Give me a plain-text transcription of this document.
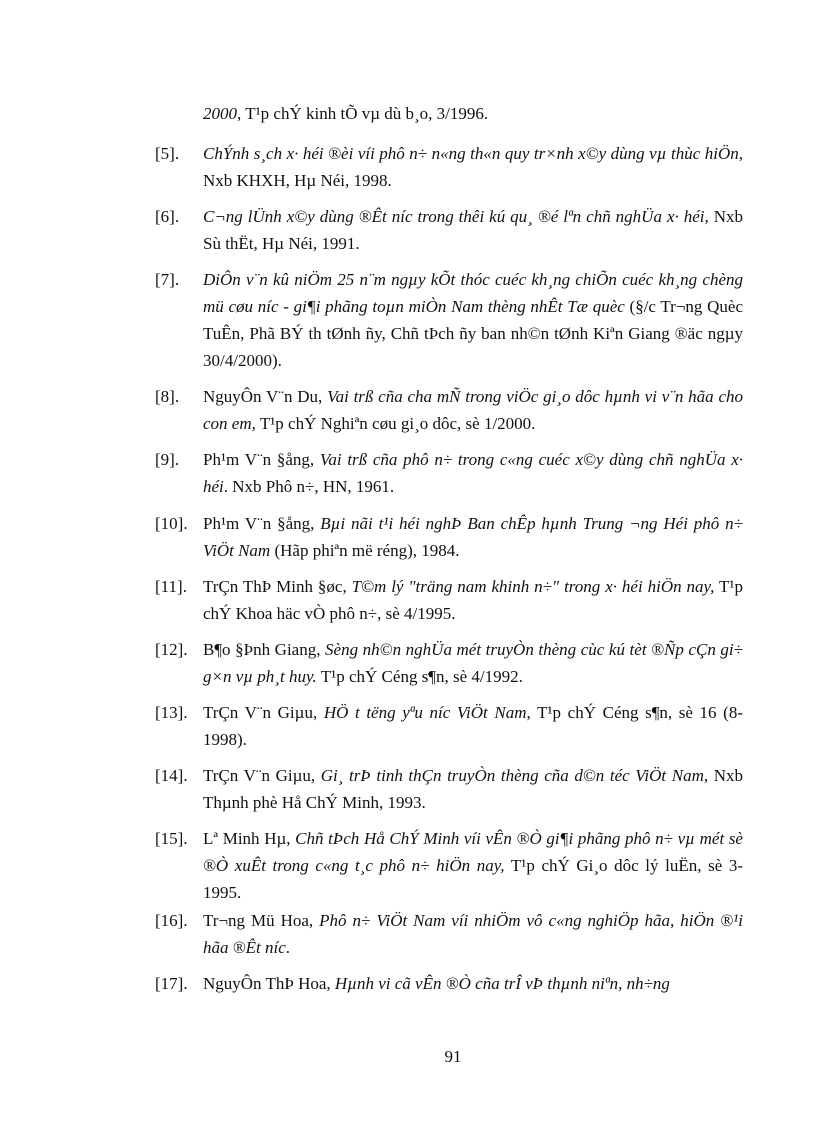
2000, T¹p chÝ kinh tÕ vµ dù b¸o, 3/1996.
[5].	ChÝnh s¸ch x· héi ®èi víi phô n÷ n«ng th«n quy tr×nh x©y dùng vµ thùc hiÖn, Nxb KHXH, Hµ Néi, 1998.
[6].	C¬ng lÜnh x©y dùng ®Êt níc trong thêi kú qu¸ ®é lªn chñ nghÜa x· héi, Nxb Sù thËt, Hµ Néi, 1991.
[7].	DiÔn v¨n kû niÖm 25 n¨m ngµy kÕt thóc cuéc kh¸ng chiÕn cuéc kh¸ng chèng mü cøu níc - gi¶i phãng toµn miÒn Nam thèng nhÊt Tæ quèc (§/c Tr¬ng Quèc TuÊn, Phã BÝ th tØnh ñy, Chñ tÞch ñy ban nh©n tØnh Kiªn Giang ®äc ngµy 30/4/2000).
[8].	NguyÔn V¨n Du, Vai trß cña cha mÑ trong viÖc gi¸o dôc hµnh vi v¨n hãa cho con em, T¹p chÝ Nghiªn cøu gi¸o dôc, sè 1/2000.
[9].	Ph¹m V¨n §ång, Vai trß cña phô n÷ trong c«ng cuéc x©y dùng chñ nghÜa x· héi. Nxb Phô n÷, HN, 1961.
[10]. Ph¹m V¨n §ång, Bµi nãi t¹i héi nghÞ Ban chÊp hµnh Trung ¬ng Héi phô n÷ ViÖt Nam (Hãp phiªn më réng), 1984.
[11]. TrÇn ThÞ Minh §øc, T©m lý "träng nam khinh n÷" trong x· héi hiÖn nay, T¹p chÝ Khoa häc vÒ phô n÷, sè 4/1995.
[12]. B¶o §Þnh Giang, Sèng nh©n nghÜa mét truyÒn thèng cùc kú tèt ®Ñp cÇn gi÷ g×n vµ ph¸t huy. T¹p chÝ Céng s¶n, sè 4/1992.
[13]. TrÇn V¨n Giµu, HÖ t tëng yªu níc ViÖt Nam, T¹p chÝ Céng s¶n, sè 16 (8-1998).
[14]. TrÇn V¨n Giµu, Gi¸ trÞ tinh thÇn truyÒn thèng cña d©n téc ViÖt Nam, Nxb Thµnh phè Hå ChÝ Minh, 1993.
[15]. Lª Minh Hµ, Chñ tÞch Hå ChÝ Minh víi vÊn ®Ò gi¶i phãng phô n÷ vµ mét sè ®Ò xuÊt trong c«ng t¸c phô n÷ hiÖn nay, T¹p chÝ Gi¸o dôc lý luËn, sè 3-1995.
[16]. Tr¬ng Mü Hoa, Phô n÷ ViÖt Nam víi nhiÖm vô c«ng nghiÖp hãa, hiÖn ®¹i hãa ®Êt níc.
[17]. NguyÔn ThÞ Hoa, Hµnh vi cã vÊn ®Ò cña trÎ vÞ thµnh niªn, nh÷ng
91
